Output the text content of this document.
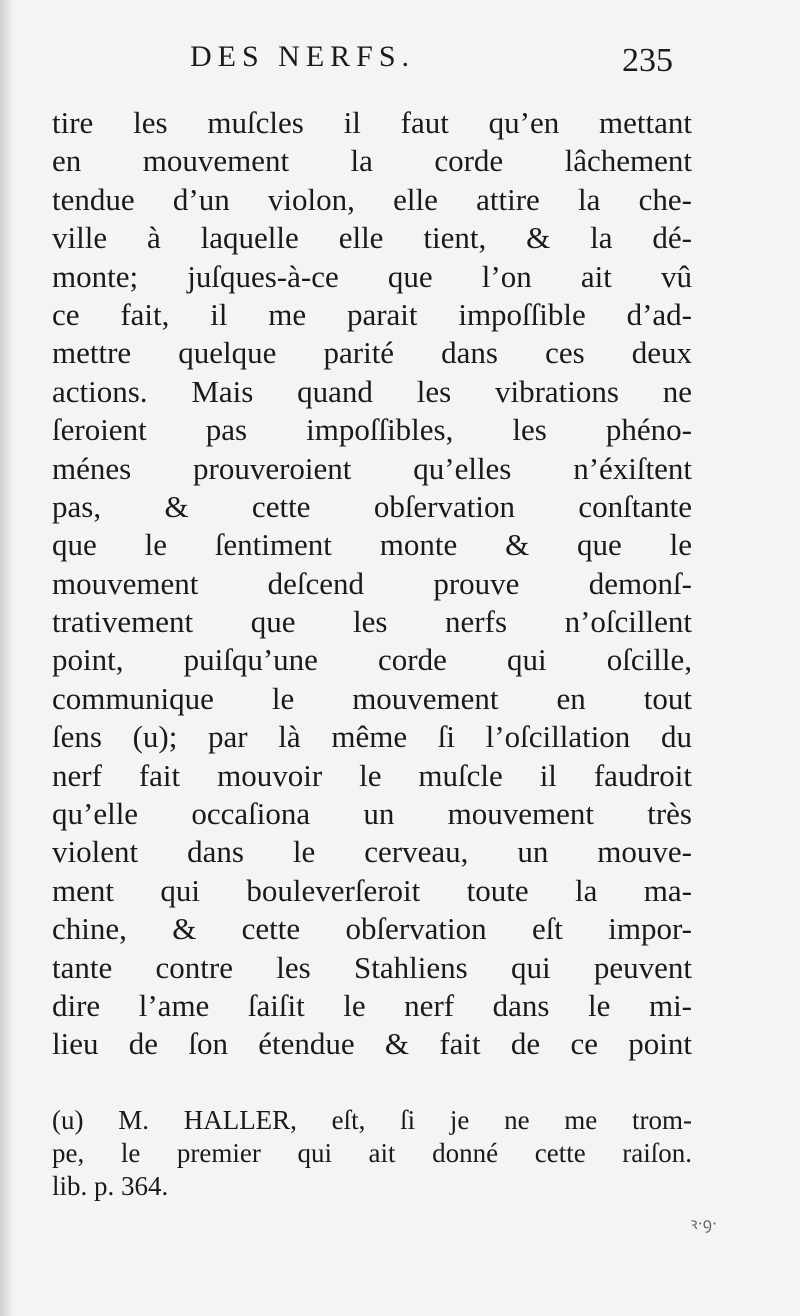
DES NERFS.	235
tire les muſcles il faut qu’en mettant
en mouvement la corde lâchement
tendue d’un violon, elle attire la che-
ville à laquelle elle tient, & la dé-
monte; juſques-à-ce que l’on ait vû
ce fait, il me parait impoſſible d’ad-
mettre quelque parité dans ces deux
actions. Mais quand les vibrations ne
ſeroient pas impoſſibles, les phéno-
ménes prouveroient qu’elles n’éxiſtent
pas, & cette obſervation conſtante
que le ſentiment monte & que le
mouvement deſcend prouve demonſ-
trativement que les nerfs n’oſcillent
point, puiſqu’une corde qui oſcille,
communique le mouvement en tout
ſens (u); par là même ſi l’oſcillation du
nerf fait mouvoir le muſcle il faudroit
qu’elle occaſiona un mouvement très
violent dans le cerveau, un mouve-
ment qui bouleverſeroit toute la ma-
chine, & cette obſervation eſt impor-
tante contre les Stahliens qui peuvent
dire l’ame ſaiſit le nerf dans le mi-
lieu de ſon étendue & fait de ce point
(u) M. HALLER, eſt, ſi je ne me trom-
pe, le premier qui ait donné cette raiſon.
lib. p. 364.
ꝛ·ꝯ·
